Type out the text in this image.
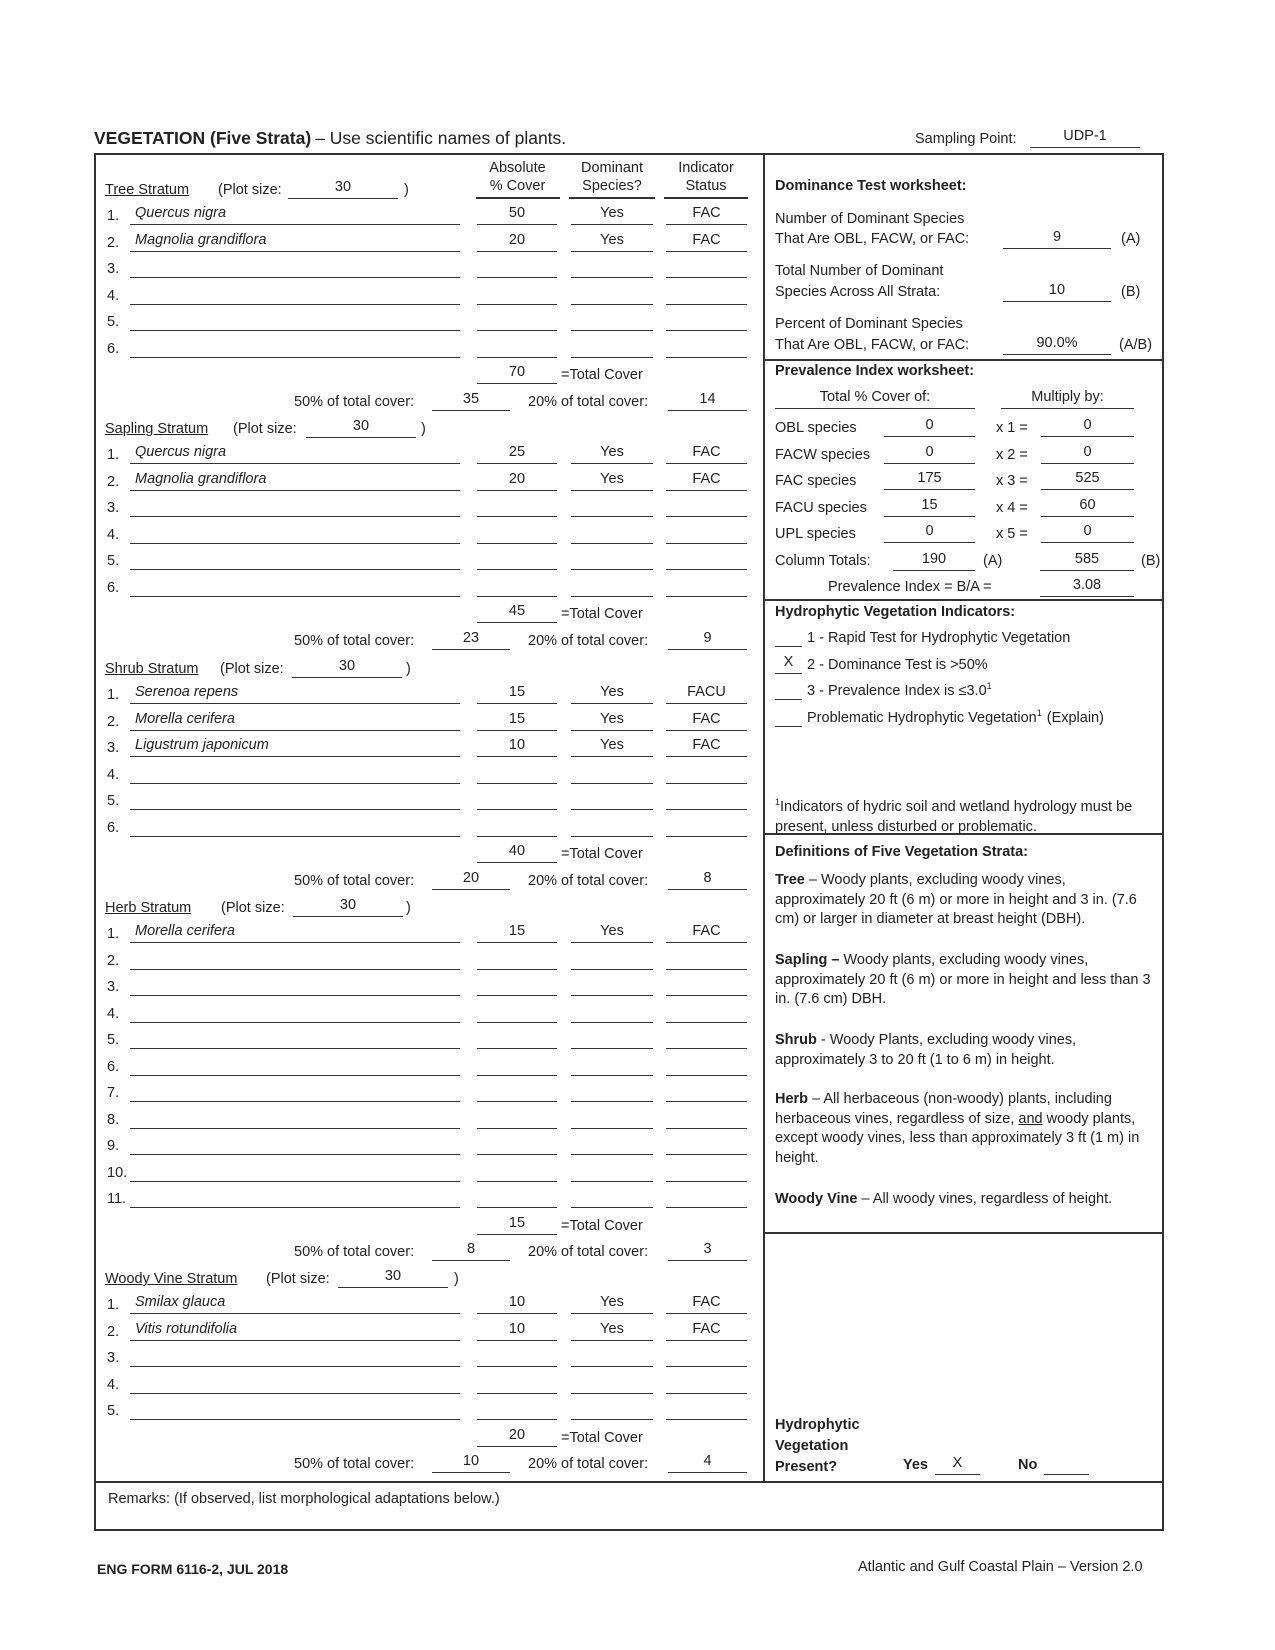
VEGETATION (Five Strata) – Use scientific names of plants.	Sampling Point:	UDP-1
Absolute
% Cover
Dominant
Species?
Indicator
Status
Tree Stratum (Plot size:	30	)
1.	Quercus nigra	50	Yes	FAC
2.	Magnolia grandiflora	20	Yes	FAC
3.
4.
5.
6.
70	=Total Cover
50% of total cover:	35	20% of total cover:	14
Sapling Stratum (Plot size:	30	)
1.	Quercus nigra	25	Yes	FAC
2.	Magnolia grandiflora	20	Yes	FAC
3.
4.
5.
6.
45	=Total Cover
50% of total cover:	23	20% of total cover:	9
Shrub Stratum (Plot size:	30	)
1.	Serenoa repens	15	Yes	FACU
2.	Morella cerifera	15	Yes	FAC
3.	Ligustrum japonicum	10	Yes	FAC
4.
5.
6.
40	=Total Cover
50% of total cover:	20	20% of total cover:	8
Herb Stratum (Plot size:	30	)
1.	Morella cerifera	15	Yes	FAC
2.
3.
4.
5.
6.
7.
8.
9.
10.
11.
15	=Total Cover
50% of total cover:	8	20% of total cover:	3
Woody Vine Stratum (Plot size:	30	)
1.	Smilax glauca	10	Yes	FAC
2.	Vitis rotundifolia	10	Yes	FAC
3.
4.
5.
20	=Total Cover
50% of total cover:	10	20% of total cover:	4
Dominance Test worksheet:
Number of Dominant Species
That Are OBL, FACW, or FAC:	9	(A)
Total Number of Dominant
Species Across All Strata:	10	(B)
Percent of Dominant Species
That Are OBL, FACW, or FAC:	90.0%	(A/B)
Prevalence Index worksheet:
Total % Cover of:	Multiply by:
OBL species	0	x 1 =	0
FACW species	0	x 2 =	0
FAC species	175	x 3 =	525
FACU species	15	x 4 =	60
UPL species	0	x 5 =	0
Column Totals:	190	(A)	585	(B)
Prevalence Index = B/A =	3.08
Hydrophytic Vegetation Indicators:
1 - Rapid Test for Hydrophytic Vegetation
X 2 - Dominance Test is >50%
3 - Prevalence Index is $\le 3.0^1$
Problematic Hydrophytic Vegetation$^1$ (Explain)
$^1$Indicators of hydric soil and wetland hydrology must be
present, unless disturbed or problematic.
Definitions of Five Vegetation Strata:
Tree – Woody plants, excluding woody vines, approximately 20 ft (6 m) or more in height and 3 in. (7.6 cm) or larger in diameter at breast height (DBH).
Sapling – Woody plants, excluding woody vines, approximately 20 ft (6 m) or more in height and less than 3 in. (7.6 cm) DBH.
Shrub - Woody Plants, excluding woody vines, approximately 3 to 20 ft (1 to 6 m) in height.
Herb – All herbaceous (non-woody) plants, including herbaceous vines, regardless of size, and woody plants, except woody vines, less than approximately 3 ft (1 m) in height.
Woody Vine – All woody vines, regardless of height.
Hydrophytic
Vegetation
Present?	Yes	X	No
Remarks: (If observed, list morphological adaptations below.)
ENG FORM 6116-2, JUL 2018	Atlantic and Gulf Coastal Plain – Version 2.0
